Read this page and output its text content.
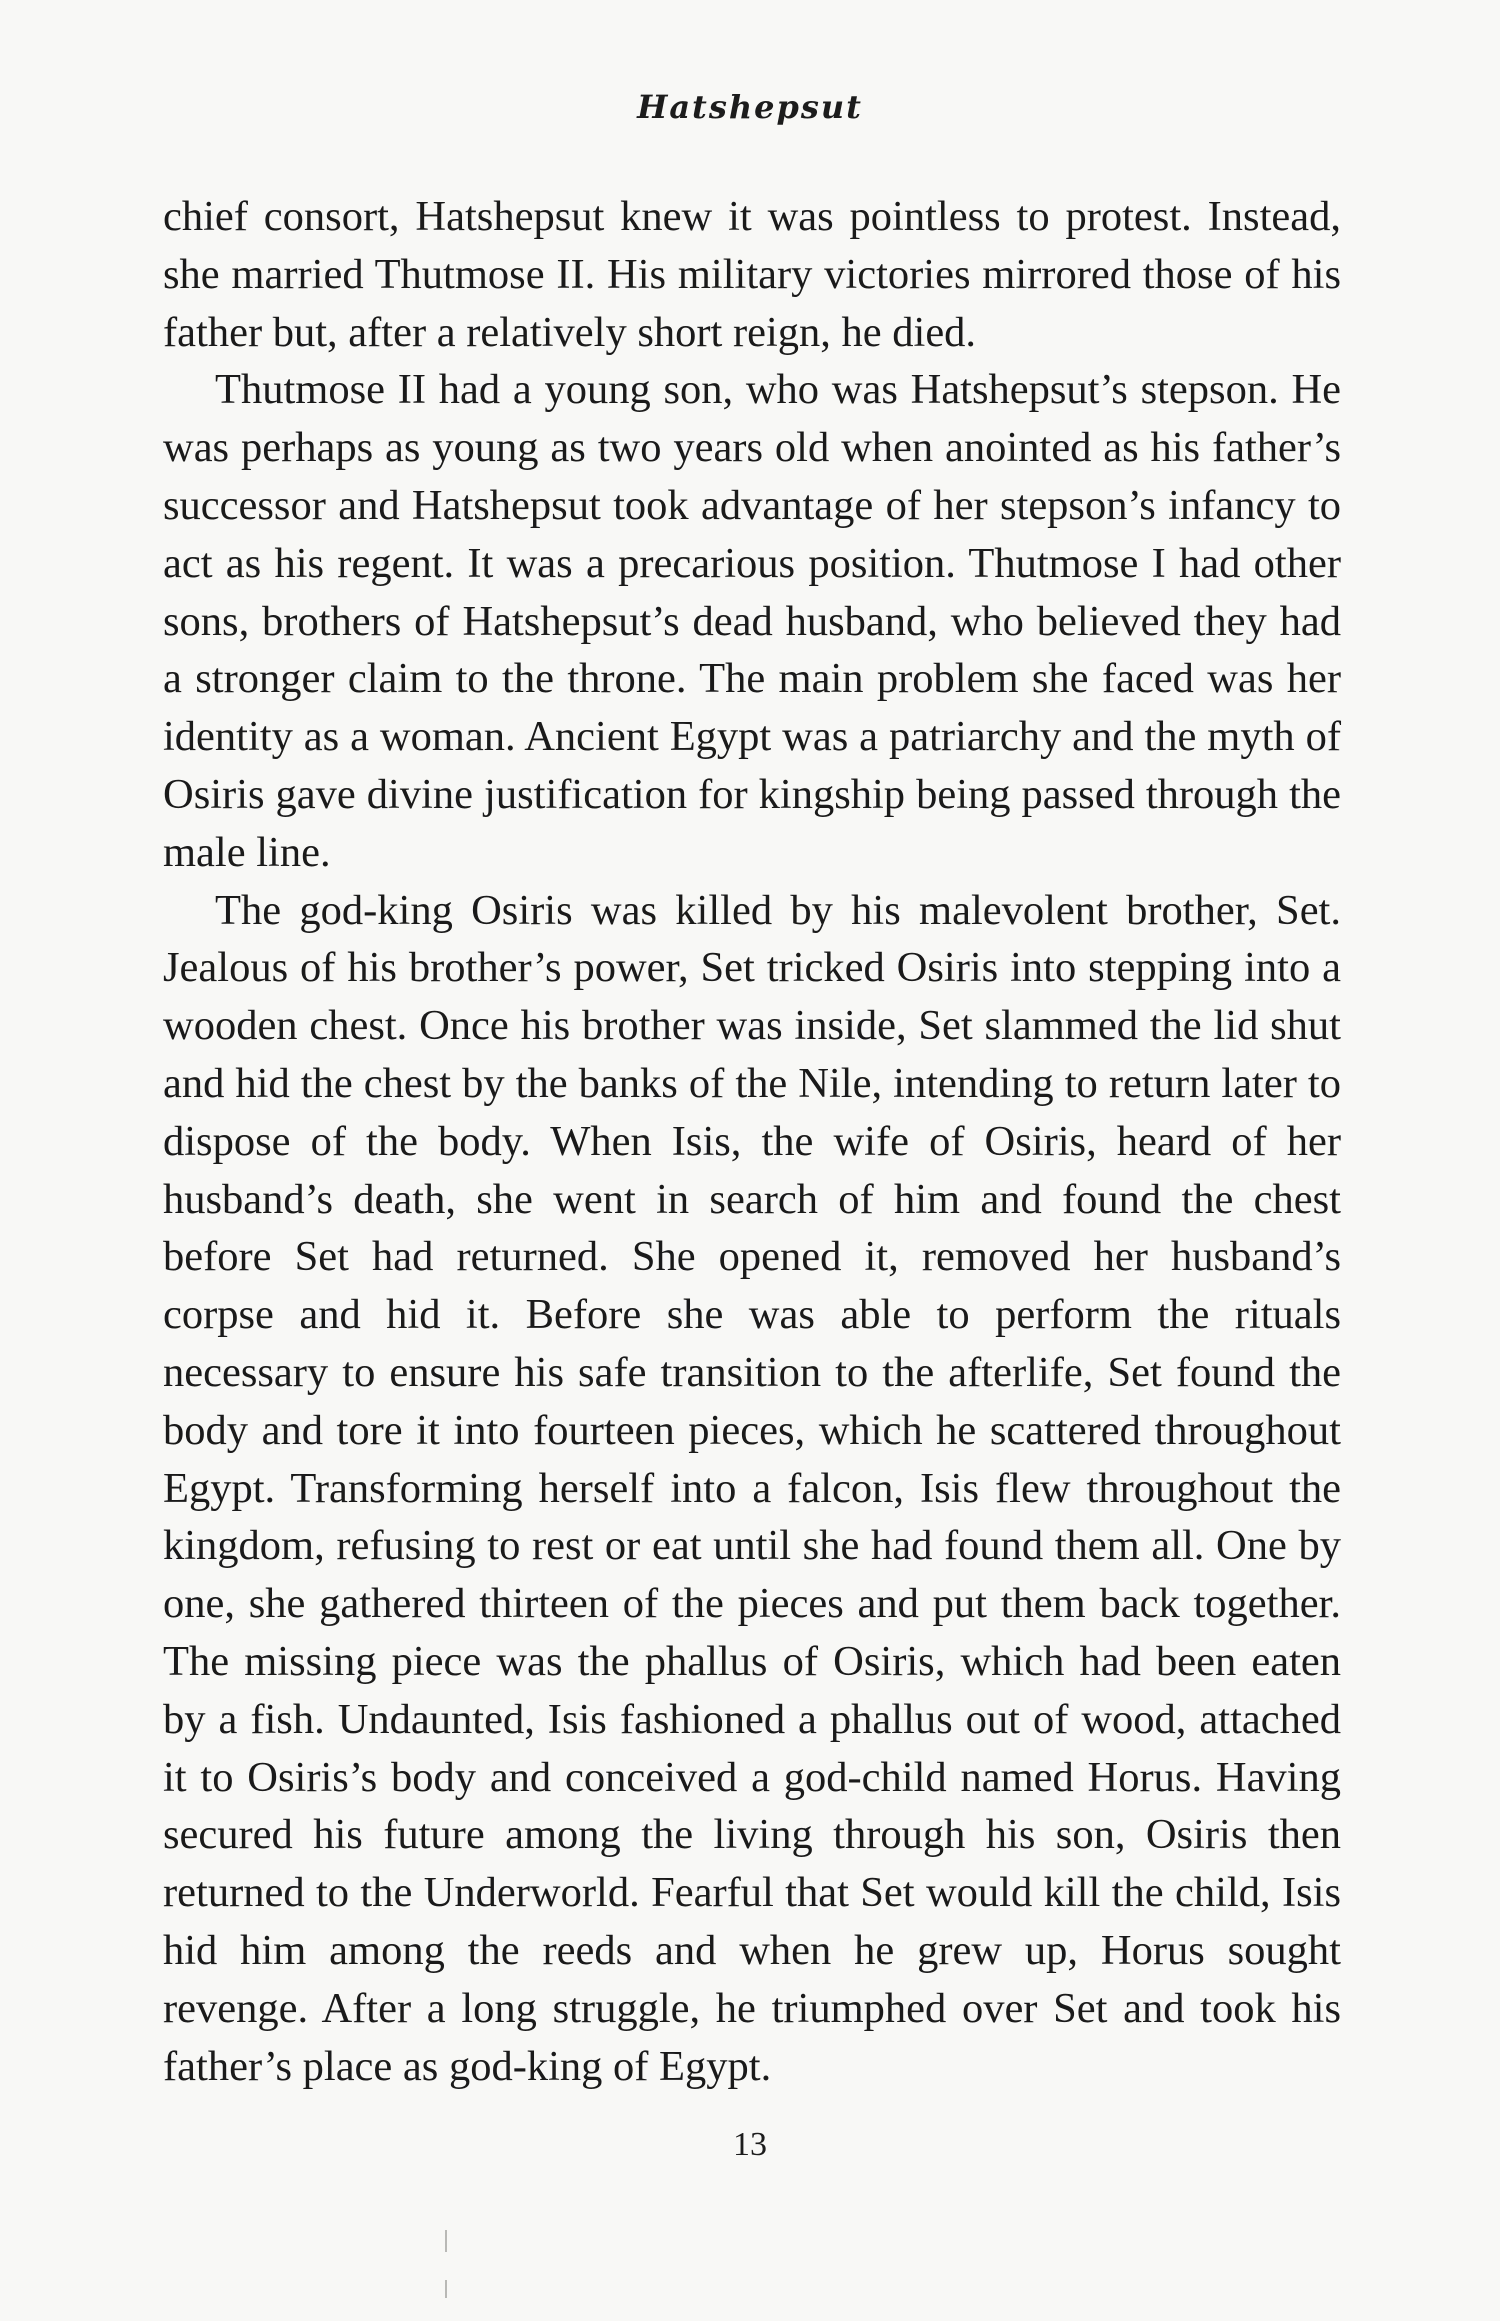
Hatshepsut

chief consort, Hatshepsut knew it was pointless to protest. Instead, she married Thutmose II. His military victories mirrored those of his father but, after a relatively short reign, he died.

Thutmose II had a young son, who was Hatshepsut’s stepson. He was perhaps as young as two years old when anointed as his father’s successor and Hatshepsut took advantage of her stepson’s infancy to act as his regent. It was a precarious position. Thutmose I had other sons, brothers of Hatshepsut’s dead husband, who believed they had a stronger claim to the throne. The main problem she faced was her identity as a woman. Ancient Egypt was a patriarchy and the myth of Osiris gave divine justification for kingship being passed through the male line.

The god-king Osiris was killed by his malevolent brother, Set. Jealous of his brother’s power, Set tricked Osiris into stepping into a wooden chest. Once his brother was inside, Set slammed the lid shut and hid the chest by the banks of the Nile, intending to return later to dispose of the body. When Isis, the wife of Osiris, heard of her husband’s death, she went in search of him and found the chest before Set had returned. She opened it, removed her husband’s corpse and hid it. Before she was able to perform the rituals necessary to ensure his safe transition to the afterlife, Set found the body and tore it into fourteen pieces, which he scattered throughout Egypt. Transforming herself into a falcon, Isis flew throughout the kingdom, refusing to rest or eat until she had found them all. One by one, she gathered thirteen of the pieces and put them back together. The missing piece was the phallus of Osiris, which had been eaten by a fish. Undaunted, Isis fashioned a phallus out of wood, attached it to Osiris’s body and conceived a god-child named Horus. Having secured his future among the living through his son, Osiris then returned to the Underworld. Fearful that Set would kill the child, Isis hid him among the reeds and when he grew up, Horus sought revenge. After a long struggle, he triumphed over Set and took his father’s place as god-king of Egypt.

13
